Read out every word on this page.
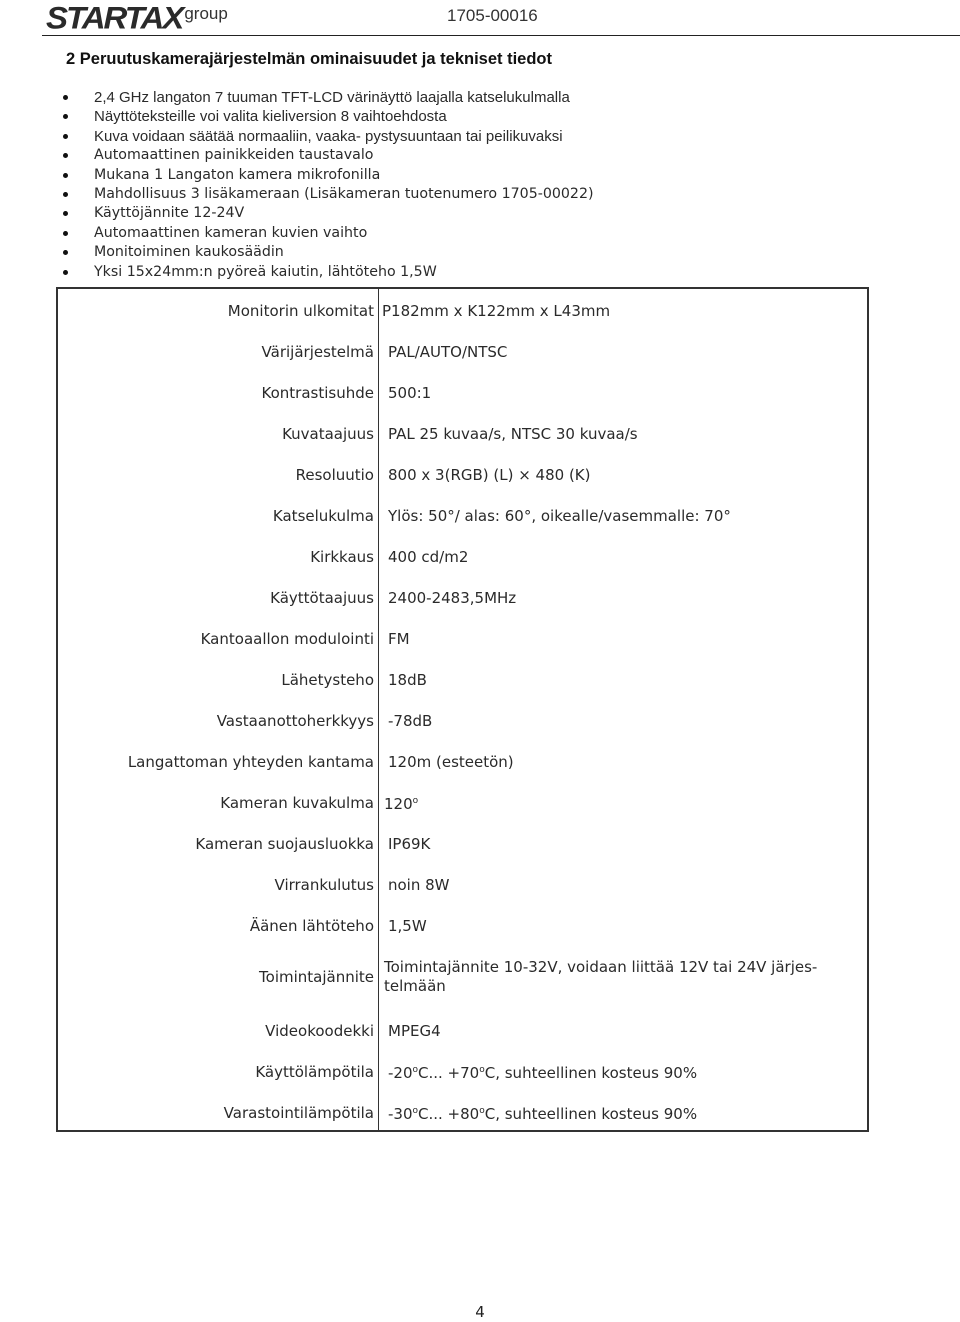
STARTAX group	1705-00016
2 Peruutuskamerajärjestelmän ominaisuudet ja tekniset tiedot
2,4 GHz langaton 7 tuuman TFT-LCD värinäyttö laajalla katselukulmalla
Näyttöteksteille voi valita kieliversion 8 vaihtoehdosta
Kuva voidaan säätää normaaliin, vaaka- pystysuuntaan tai peilikuvaksi
Automaattinen painikkeiden taustavalo
Mukana 1 Langaton kamera mikrofonilla
Mahdollisuus 3 lisäkameraan (Lisäkameran tuotenumero 1705-00022)
Käyttöjännite 12-24V
Automaattinen kameran kuvien vaihto
Monitoiminen kaukosäädin
Yksi 15x24mm:n pyöreä kaiutin, lähtöteho 1,5W
Monitorin ulkomitat P182mm x K122mm x L43mm
Värijärjestelmä PAL/AUTO/NTSC
Kontrastisuhde 500:1
Kuvataajuus PAL 25 kuvaa/s, NTSC 30 kuvaa/s
Resoluutio 800 x 3(RGB) (L) × 480 (K)
Katselukulma Ylös: 50°/ alas: 60°, oikealle/vasemmalle: 70°
Kirkkaus 400 cd/m2
Käyttötaajuus 2400-2483,5MHz
Kantoaallon modulointi FM
Lähetysteho 18dB
Vastaanottoherkkyys -78dB
Langattoman yhteyden kantama 120m (esteetön)
Kameran kuvakulma 120$^o$
Kameran suojausluokka IP69K
Virrankulutus noin 8W
Äänen lähtöteho 1,5W
Toimintajännite
Toimintajännite 10-32V, voidaan liittää 12V tai 24V järjes-
telmään
Videokoodekki MPEG4
Käyttölämpötila $-20^oC$... $+70^oC$, suhteellinen kosteus 90%
Varastointilämpötila $-30^oC$... $+80^oC$, suhteellinen kosteus 90%
4
